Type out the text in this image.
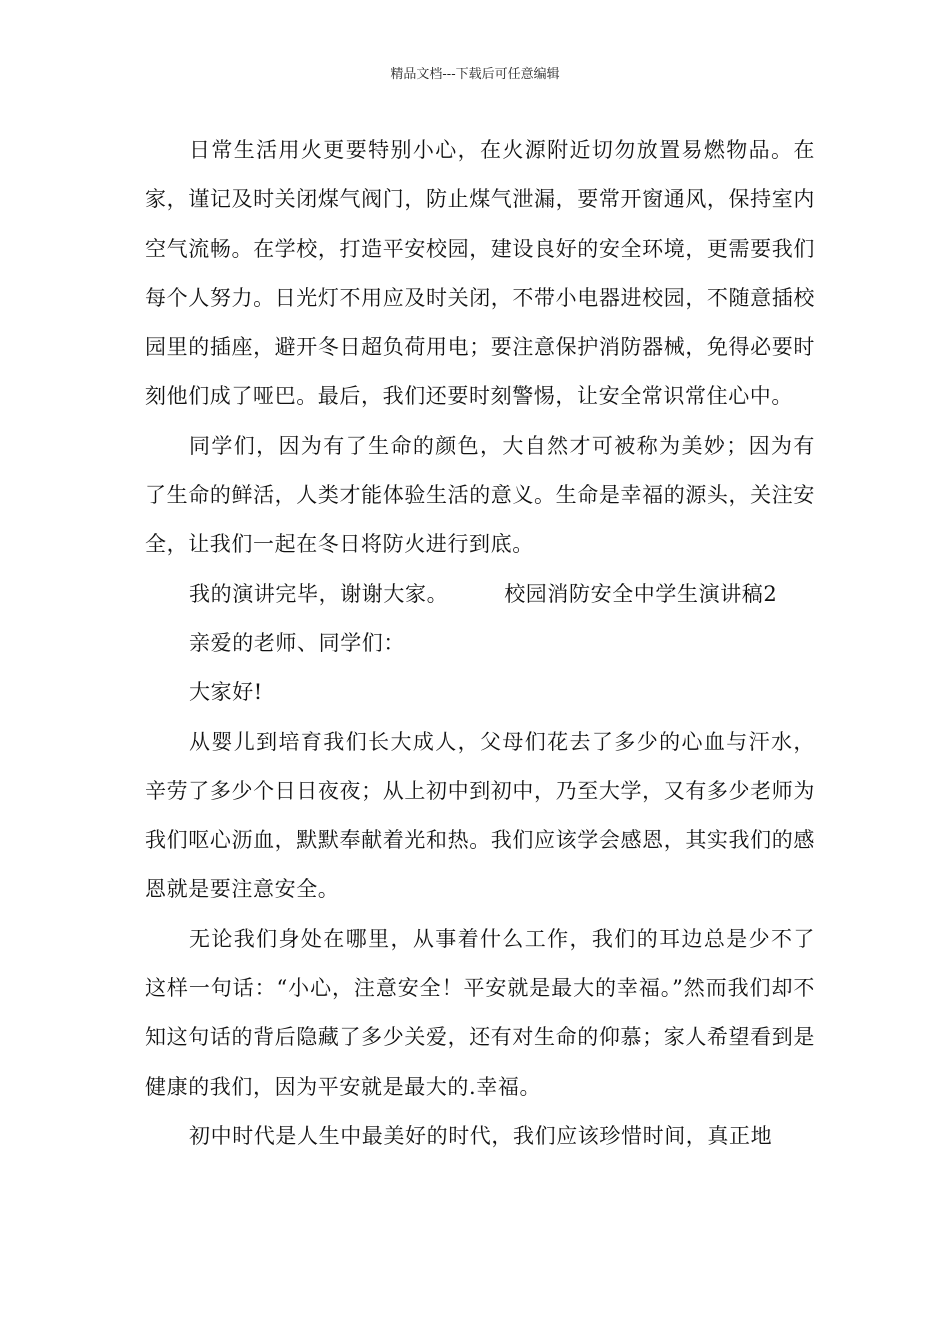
精品文档---下载后可任意编辑

日常生活用火更要特别小心，在火源附近切勿放置易燃物品。在家，谨记及时关闭煤气阀门，防止煤气泄漏，要常开窗通风，保持室内空气流畅。在学校，打造平安校园，建设良好的安全环境，更需要我们每个人努力。日光灯不用应及时关闭，不带小电器进校园，不随意插校园里的插座，避开冬日超负荷用电；要注意保护消防器械，免得必要时刻他们成了哑巴。最后，我们还要时刻警惕，让安全常识常住心中。

同学们，因为有了生命的颜色，大自然才可被称为美妙；因为有了生命的鲜活，人类才能体验生活的意义。生命是幸福的源头，关注安全，让我们一起在冬日将防火进行到底。

我的演讲完毕，谢谢大家。	校园消防安全中学生演讲稿2

亲爱的老师、同学们：

大家好!

从婴儿到培育我们长大成人，父母们花去了多少的心血与汗水，辛劳了多少个日日夜夜；从上初中到初中，乃至大学，又有多少老师为我们呕心沥血，默默奉献着光和热。我们应该学会感恩，其实我们的感恩就是要注意安全。

无论我们身处在哪里，从事着什么工作，我们的耳边总是少不了这样一句话：“小心，注意安全！平安就是最大的幸福。”然而我们却不知这句话的背后隐藏了多少关爱，还有对生命的仰慕；家人希望看到是健康的我们，因为平安就是最大的.幸福。

初中时代是人生中最美好的时代，我们应该珍惜时间，真正地
